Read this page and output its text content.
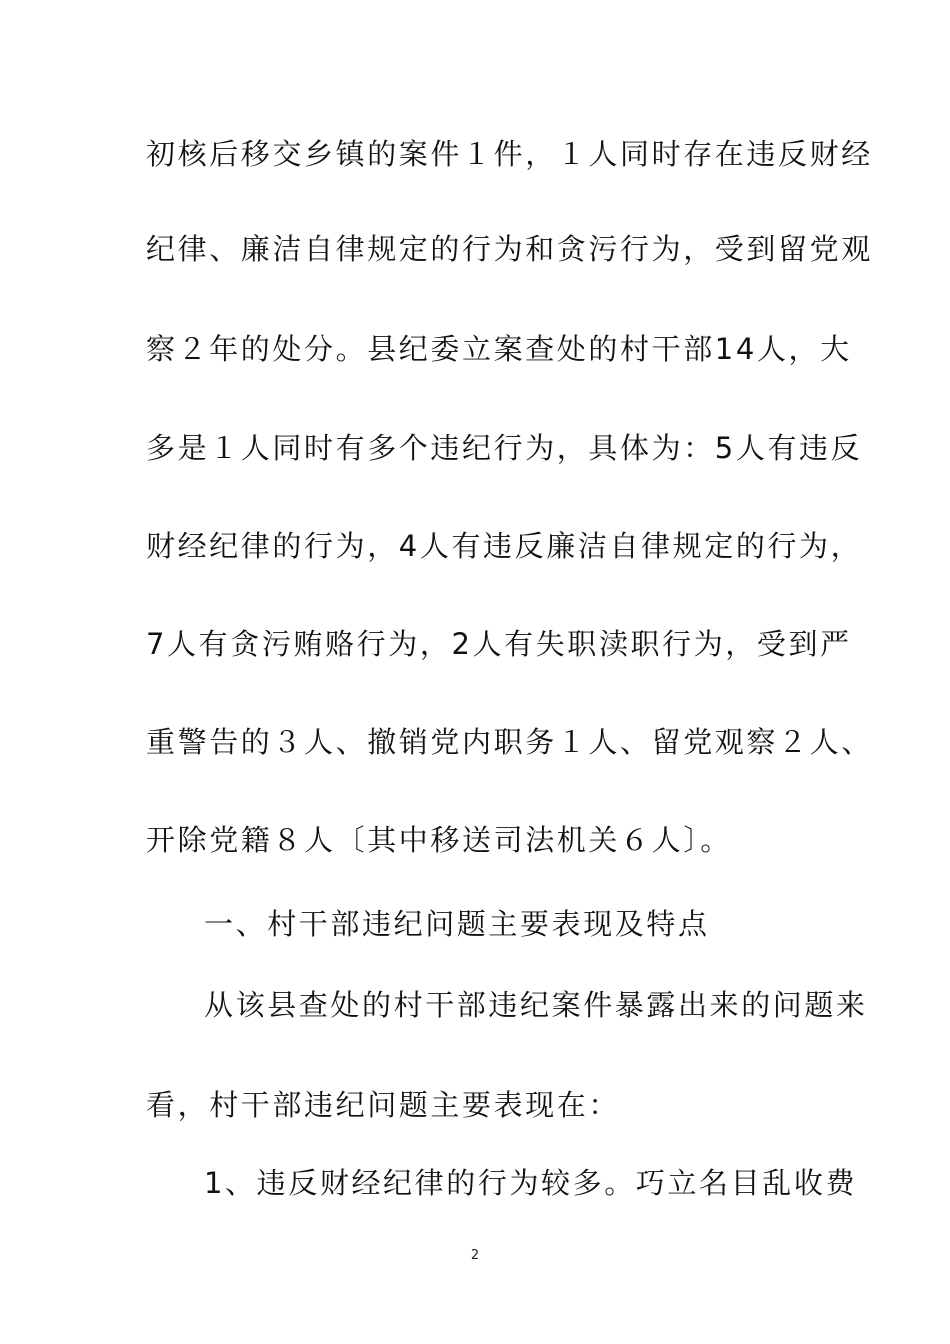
初核后移交乡镇的案件１件，１人同时存在违反财经
纪律、廉洁自律规定的行为和贪污行为，受到留党观
察２年的处分。县纪委立案查处的村干部14人，大
多是１人同时有多个违纪行为，具体为：5人有违反
财经纪律的行为，4人有违反廉洁自律规定的行为，
7人有贪污贿赂行为，2人有失职渎职行为，受到严
重警告的３人、撤销党内职务１人、留党观察２人、
开除党籍８人〔其中移送司法机关６人〕。
一、村干部违纪问题主要表现及特点
从该县查处的村干部违纪案件暴露出来的问题来
看，村干部违纪问题主要表现在：
1、违反财经纪律的行为较多。巧立名目乱收费
2
